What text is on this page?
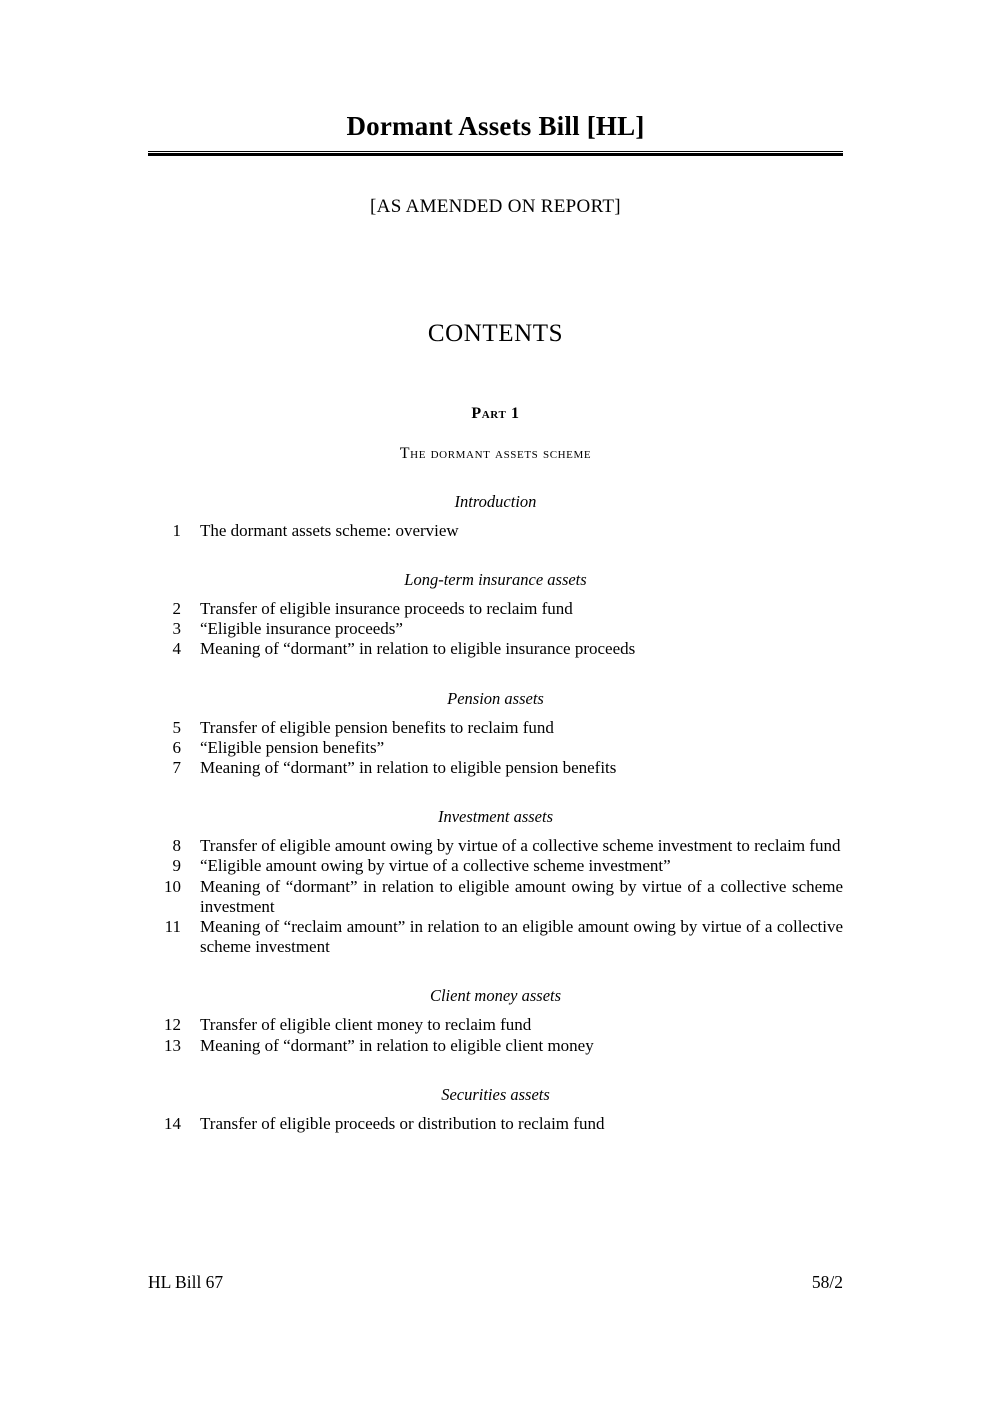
Dormant Assets Bill [HL]
[AS AMENDED ON REPORT]
CONTENTS
Part 1
The dormant assets scheme
Introduction
1	The dormant assets scheme: overview
Long-term insurance assets
2	Transfer of eligible insurance proceeds to reclaim fund
3	“Eligible insurance proceeds”
4	Meaning of “dormant” in relation to eligible insurance proceeds
Pension assets
5	Transfer of eligible pension benefits to reclaim fund
6	“Eligible pension benefits”
7	Meaning of “dormant” in relation to eligible pension benefits
Investment assets
8	Transfer of eligible amount owing by virtue of a collective scheme investment to reclaim fund
9	“Eligible amount owing by virtue of a collective scheme investment”
10	Meaning of “dormant” in relation to eligible amount owing by virtue of a collective scheme investment
11	Meaning of “reclaim amount” in relation to an eligible amount owing by virtue of a collective scheme investment
Client money assets
12	Transfer of eligible client money to reclaim fund
13	Meaning of “dormant” in relation to eligible client money
Securities assets
14	Transfer of eligible proceeds or distribution to reclaim fund
HL Bill 67	58/2
